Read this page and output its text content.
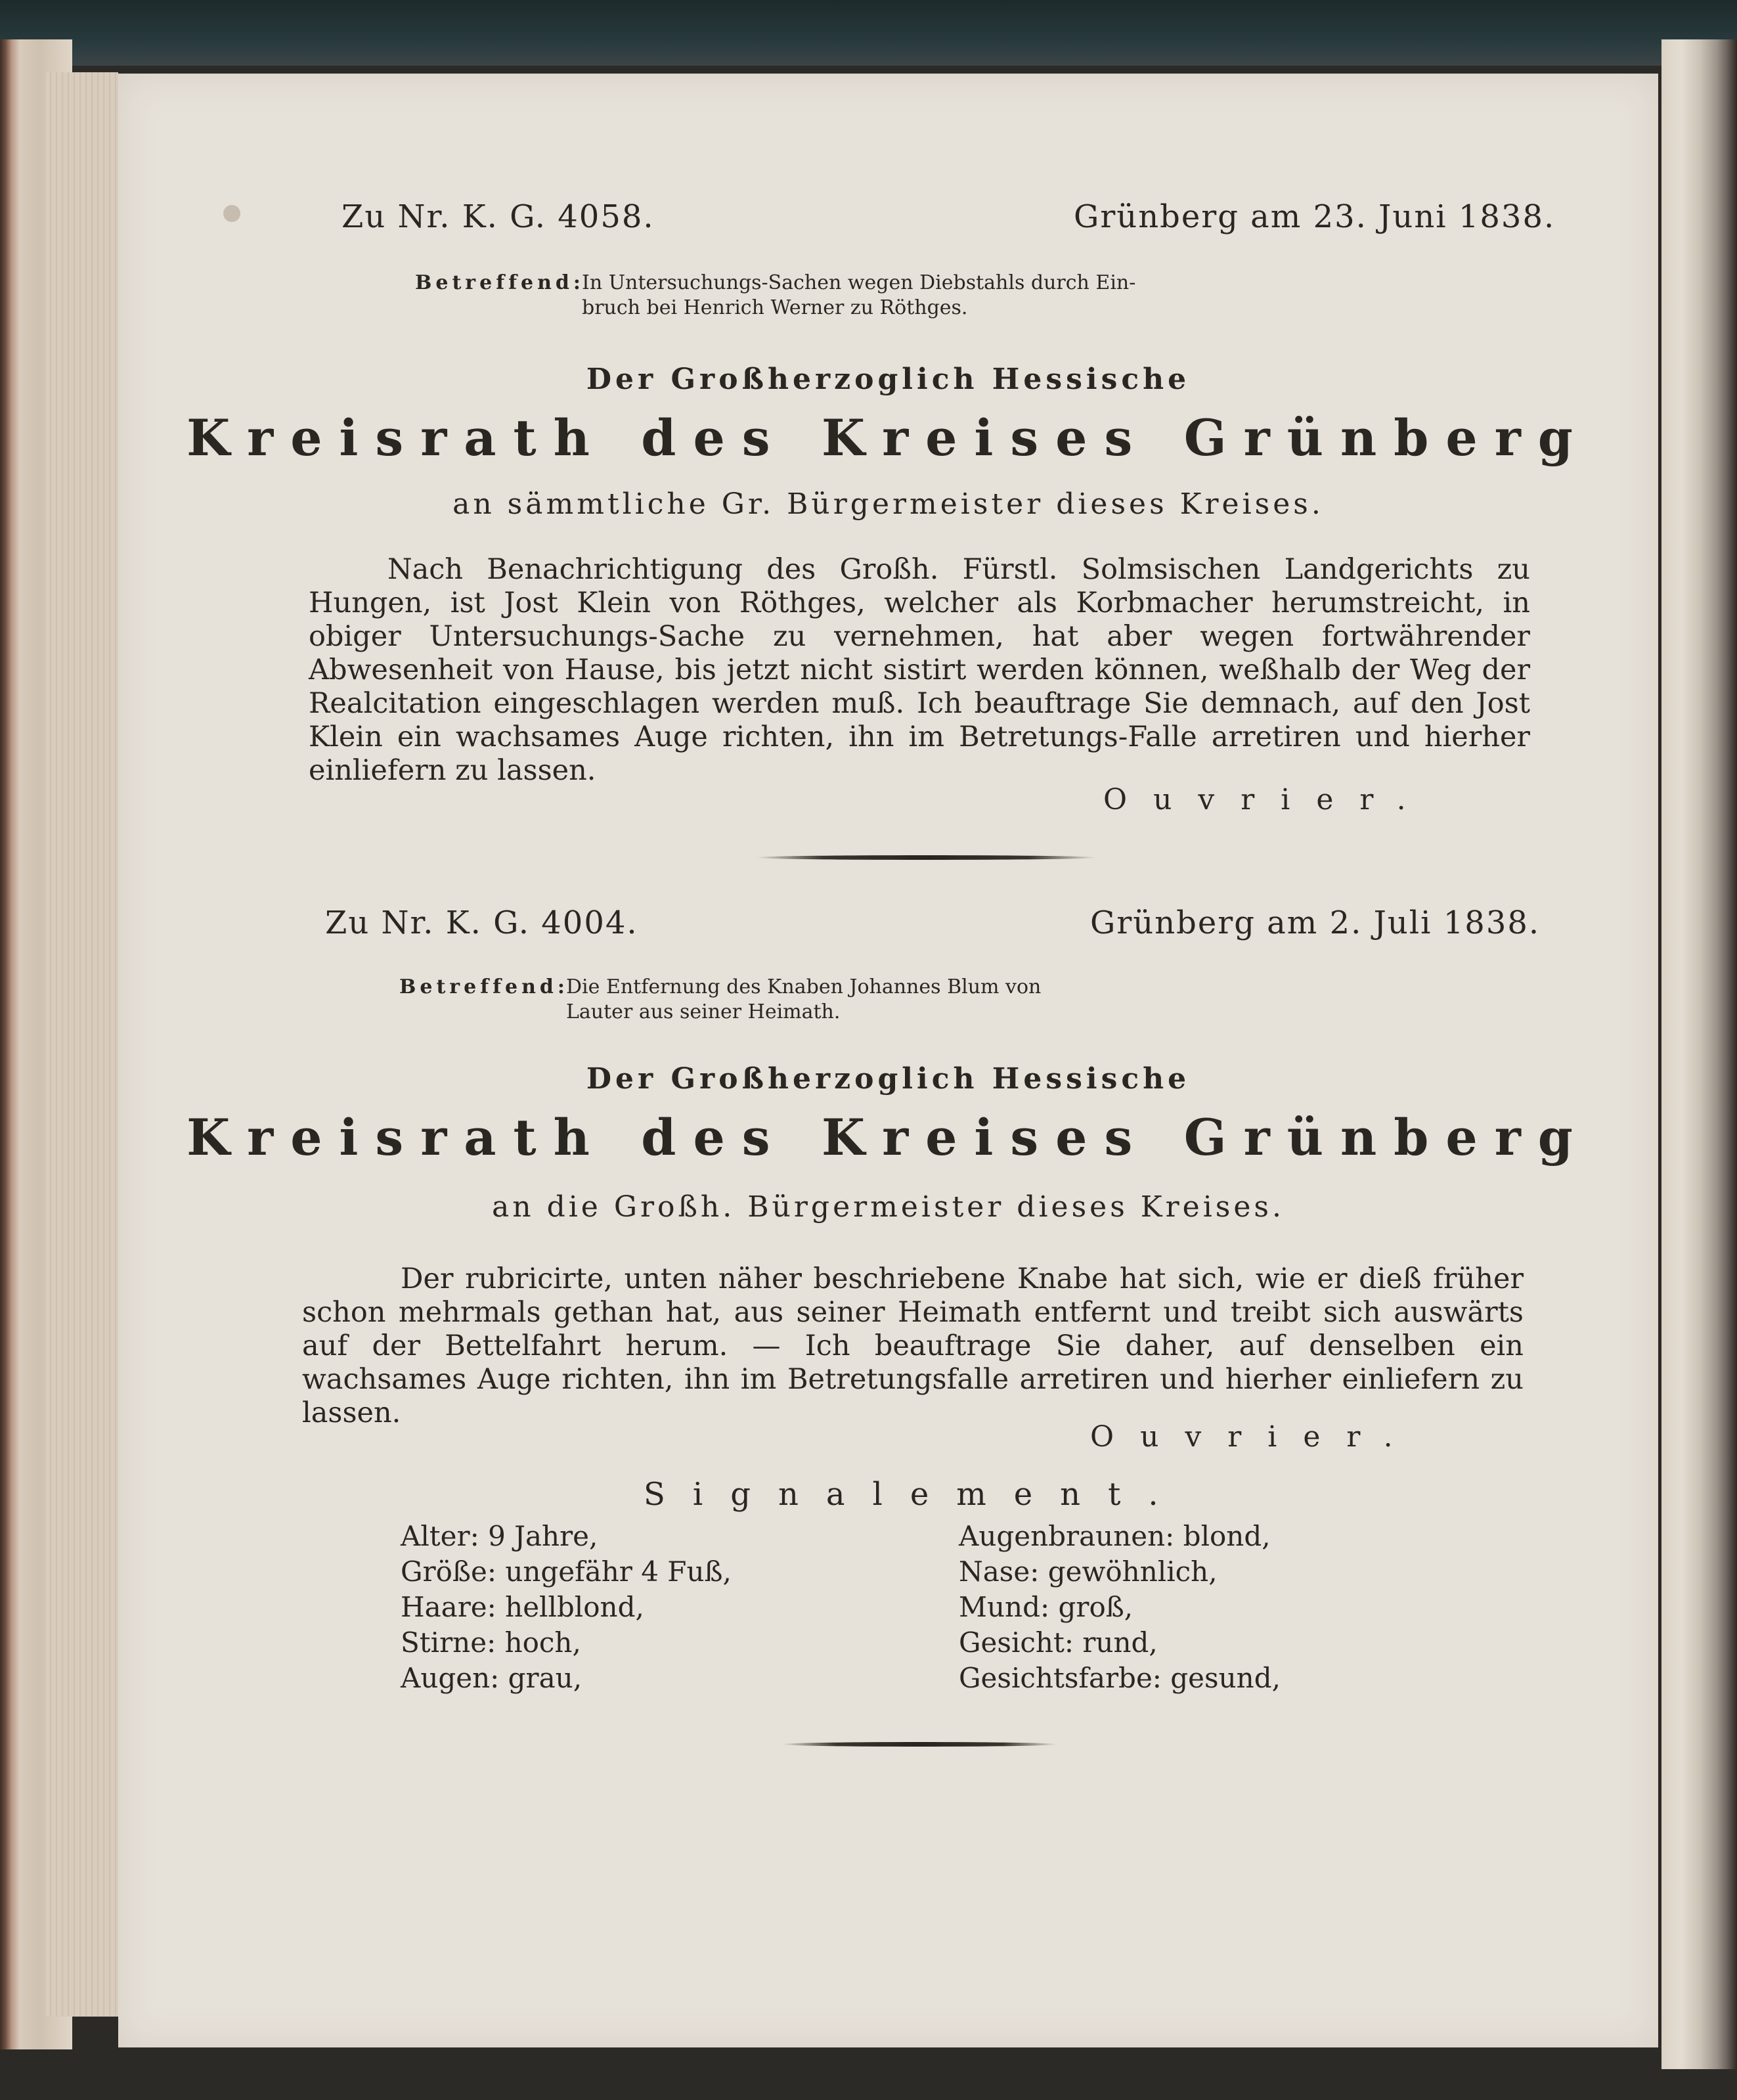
Zu Nr. K. G. 4058.	Grünberg am 23. Juni 1838.
Betreffend:
In Untersuchungs-Sachen wegen Diebstahls durch Ein-
bruch bei Henrich Werner zu Röthges.
Der Großherzoglich Hessische
Kreisrath des Kreises Grünberg
an sämmtliche Gr. Bürgermeister dieses Kreises.

Nach Benachrichtigung des Großh. Fürstl. Solmsischen Landgerichts zu Hungen, ist Jost Klein von Röthges, welcher als Korbmacher herumstreicht, in obiger Untersuchungs-Sache zu vernehmen, hat aber wegen fortwährender Abwesenheit von Hause, bis jetzt nicht sistirt werden können, weßhalb der Weg der Realcitation eingeschlagen werden muß. Ich beauftrage Sie demnach, auf den Jost Klein ein wachsames Auge richten, ihn im Betretungs-Falle arretiren und hierher einliefern zu lassen.

Ouvrier.
Zu Nr. K. G. 4004.	Grünberg am 2. Juli 1838.
Betreffend:
Die Entfernung des Knaben Johannes Blum von
Lauter aus seiner Heimath.
Der Großherzoglich Hessische
Kreisrath des Kreises Grünberg
an die Großh. Bürgermeister dieses Kreises.

Der rubricirte, unten näher beschriebene Knabe hat sich, wie er dieß früher schon mehrmals gethan hat, aus seiner Heimath entfernt und treibt sich auswärts auf der Bettelfahrt herum. — Ich beauftrage Sie daher, auf denselben ein wachsames Auge richten, ihn im Betretungsfalle arretiren und hierher einliefern zu lassen.

Ouvrier.
Signalement.
Alter: 9 Jahre,
Größe: ungefähr 4 Fuß,
Haare: hellblond,
Stirne: hoch,
Augen: grau,
Augenbraunen: blond,
Nase: gewöhnlich,
Mund: groß,
Gesicht: rund,
Gesichtsfarbe: gesund,
